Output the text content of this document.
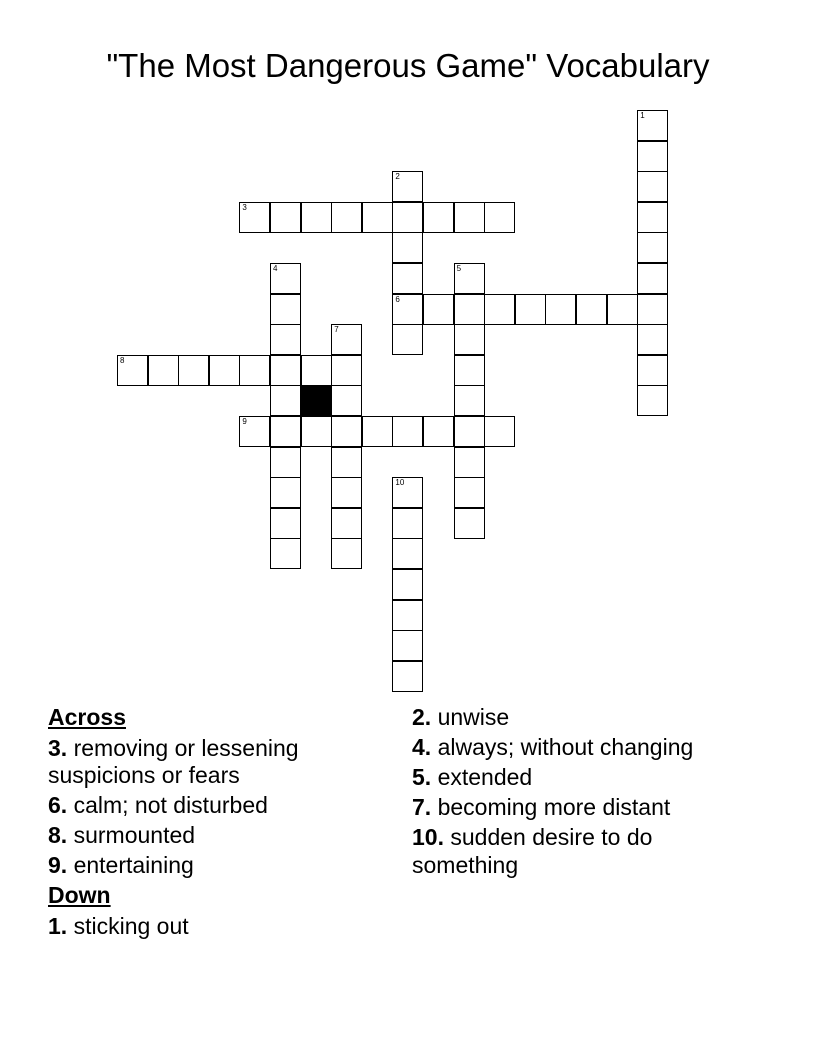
"The Most Dangerous Game" Vocabulary
1
2
6
3
4	5
7
8
9
10
Across
3. removing or lessening suspicions or fears
6. calm; not disturbed
8. surmounted
9. entertaining
Down
1. sticking out
2. unwise
4. always; without changing
5. extended
7. becoming more distant
10. sudden desire to do something
